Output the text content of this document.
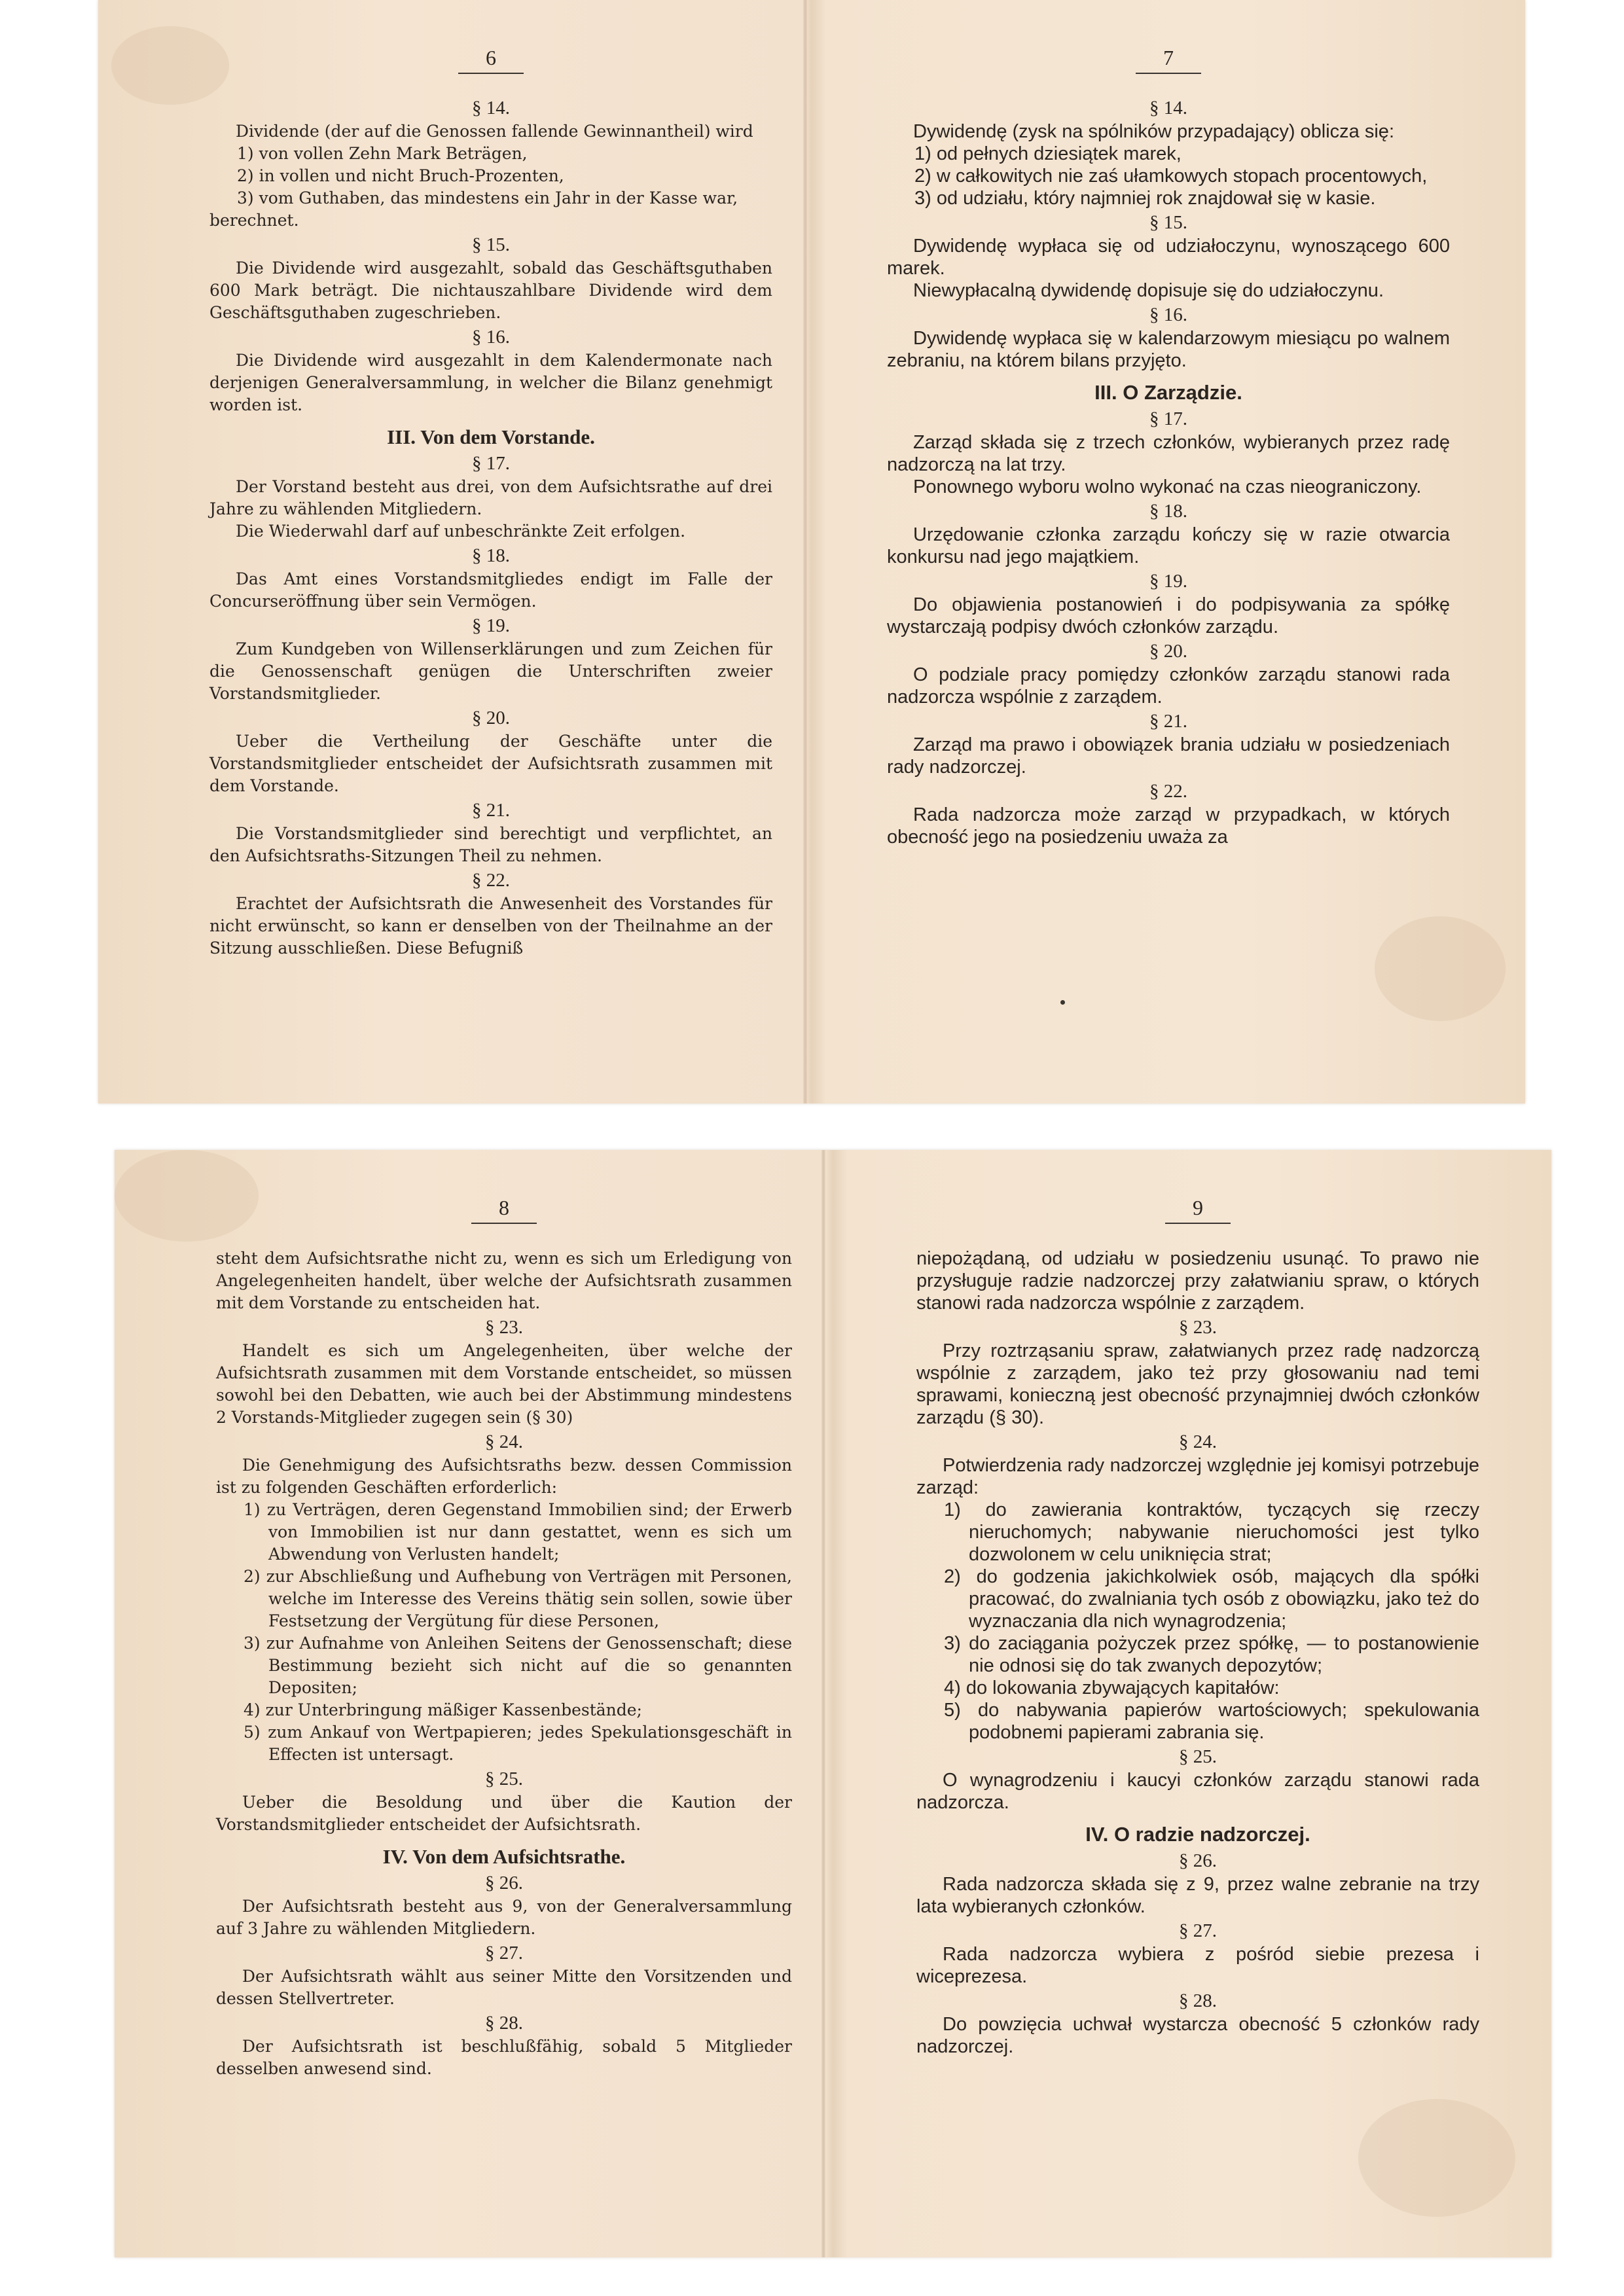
6
§ 14.

Dividende (der auf die Genossen fallende Gewinnantheil) wird

1) von vollen Zehn Mark Beträgen,

2) in vollen und nicht Bruch-Prozenten,

3) vom Guthaben, das mindestens ein Jahr in der Kasse war,

berechnet.

§ 15.

Die Dividende wird ausgezahlt, sobald das Geschäftsguthaben 600 Mark beträgt. Die nichtauszahlbare Dividende wird dem Geschäftsguthaben zugeschrieben.

§ 16.

Die Dividende wird ausgezahlt in dem Kalendermonate nach derjenigen Generalversammlung, in welcher die Bilanz genehmigt worden ist.

III. Von dem Vorstande.
§ 17.

Der Vorstand besteht aus drei, von dem Aufsichtsrathe auf drei Jahre zu wählenden Mitgliedern.

Die Wiederwahl darf auf unbeschränkte Zeit erfolgen.

§ 18.

Das Amt eines Vorstandsmitgliedes endigt im Falle der Concurseröffnung über sein Vermögen.

§ 19.

Zum Kundgeben von Willenserklärungen und zum Zeichen für die Genossenschaft genügen die Unterschriften zweier Vorstandsmitglieder.

§ 20.

Ueber die Vertheilung der Geschäfte unter die Vorstandsmitglieder entscheidet der Aufsichtsrath zusammen mit dem Vorstande.

§ 21.

Die Vorstandsmitglieder sind berechtigt und verpflichtet, an den Aufsichtsraths-Sitzungen Theil zu nehmen.

§ 22.

Erachtet der Aufsichtsrath die Anwesenheit des Vorstandes für nicht erwünscht, so kann er denselben von der Theilnahme an der Sitzung ausschließen. Diese Befugniß

7
§ 14.

Dywidendę (zysk na spólników przypadający) oblicza się:

1) od pełnych dziesiątek marek,

2) w całkowitych nie zaś ułamkowych stopach procentowych,

3) od udziału, który najmniej rok znajdował się w kasie.

§ 15.

Dywidendę wypłaca się od udziałoczynu, wynoszącego 600 marek.

Niewypłacalną dywidendę dopisuje się do udziałoczynu.

§ 16.

Dywidendę wypłaca się w kalendarzowym miesiącu po walnem zebraniu, na którem bilans przyjęto.

III. O Zarządzie.
§ 17.

Zarząd składa się z trzech członków, wybieranych przez radę nadzorczą na lat trzy.

Ponownego wyboru wolno wykonać na czas nieograniczony.

§ 18.

Urzędowanie członka zarządu kończy się w razie otwarcia konkursu nad jego majątkiem.

§ 19.

Do objawienia postanowień i do podpisywania za spółkę wystarczają podpisy dwóch członków zarządu.

§ 20.

O podziale pracy pomiędzy członków zarządu stanowi rada nadzorcza wspólnie z zarządem.

§ 21.

Zarząd ma prawo i obowiązek brania udziału w posiedzeniach rady nadzorczej.

§ 22.

Rada nadzorcza może zarząd w przypadkach, w których obecność jego na posiedzeniu uważa za

8

steht dem Aufsichtsrathe nicht zu, wenn es sich um Erledigung von Angelegenheiten handelt, über welche der Aufsichtsrath zusammen mit dem Vorstande zu entscheiden hat.

§ 23.

Handelt es sich um Angelegenheiten, über welche der Aufsichtsrath zusammen mit dem Vorstande entscheidet, so müssen sowohl bei den Debatten, wie auch bei der Abstimmung mindestens 2 Vorstands-Mitglieder zugegen sein (§ 30)

§ 24.

Die Genehmigung des Aufsichtsraths bezw. dessen Commission ist zu folgenden Geschäften erforderlich:

1) zu Verträgen, deren Gegenstand Immobilien sind; der Erwerb von Immobilien ist nur dann gestattet, wenn es sich um Abwendung von Verlusten handelt;

2) zur Abschließung und Aufhebung von Verträgen mit Personen, welche im Interesse des Vereins thätig sein sollen, sowie über Festsetzung der Vergütung für diese Personen,

3) zur Aufnahme von Anleihen Seitens der Genossenschaft; diese Bestimmung bezieht sich nicht auf die so genannten Depositen;

4) zur Unterbringung mäßiger Kassenbestände;

5) zum Ankauf von Wertpapieren; jedes Spekulationsgeschäft in Effecten ist untersagt.

§ 25.

Ueber die Besoldung und über die Kaution der Vorstandsmitglieder entscheidet der Aufsichtsrath.

IV. Von dem Aufsichtsrathe.
§ 26.

Der Aufsichtsrath besteht aus 9, von der Generalversammlung auf 3 Jahre zu wählenden Mitgliedern.

§ 27.

Der Aufsichtsrath wählt aus seiner Mitte den Vorsitzenden und dessen Stellvertreter.

§ 28.

Der Aufsichtsrath ist beschlußfähig, sobald 5 Mitglieder desselben anwesend sind.

9

niepożądaną, od udziału w posiedzeniu usunąć. To prawo nie przysługuje radzie nadzorczej przy załatwianiu spraw, o których stanowi rada nadzorcza wspólnie z zarządem.

§ 23.

Przy roztrząsaniu spraw, załatwianych przez radę nadzorczą wspólnie z zarządem, jako też przy głosowaniu nad temi sprawami, konieczną jest obecność przynajmniej dwóch członków zarządu (§ 30).

§ 24.

Potwierdzenia rady nadzorczej względnie jej komisyi potrzebuje zarząd:

1) do zawierania kontraktów, tyczących się rzeczy nieruchomych; nabywanie nieruchomości jest tylko dozwolonem w celu uniknięcia strat;

2) do godzenia jakichkolwiek osób, mających dla spółki pracować, do zwalniania tych osób z obowiązku, jako też do wyznaczania dla nich wynagrodzenia;

3) do zaciągania pożyczek przez spółkę, — to postanowienie nie odnosi się do tak zwanych depozytów;

4) do lokowania zbywających kapitałów:

5) do nabywania papierów wartościowych; spekulowania podobnemi papierami zabrania się.

§ 25.

O wynagrodzeniu i kaucyi członków zarządu stanowi rada nadzorcza.

IV. O radzie nadzorczej.
§ 26.

Rada nadzorcza składa się z 9, przez walne zebranie na trzy lata wybieranych członków.

§ 27.

Rada nadzorcza wybiera z pośród siebie prezesa i wiceprezesa.

§ 28.

Do powzięcia uchwał wystarcza obecność 5 członków rady nadzorczej.
